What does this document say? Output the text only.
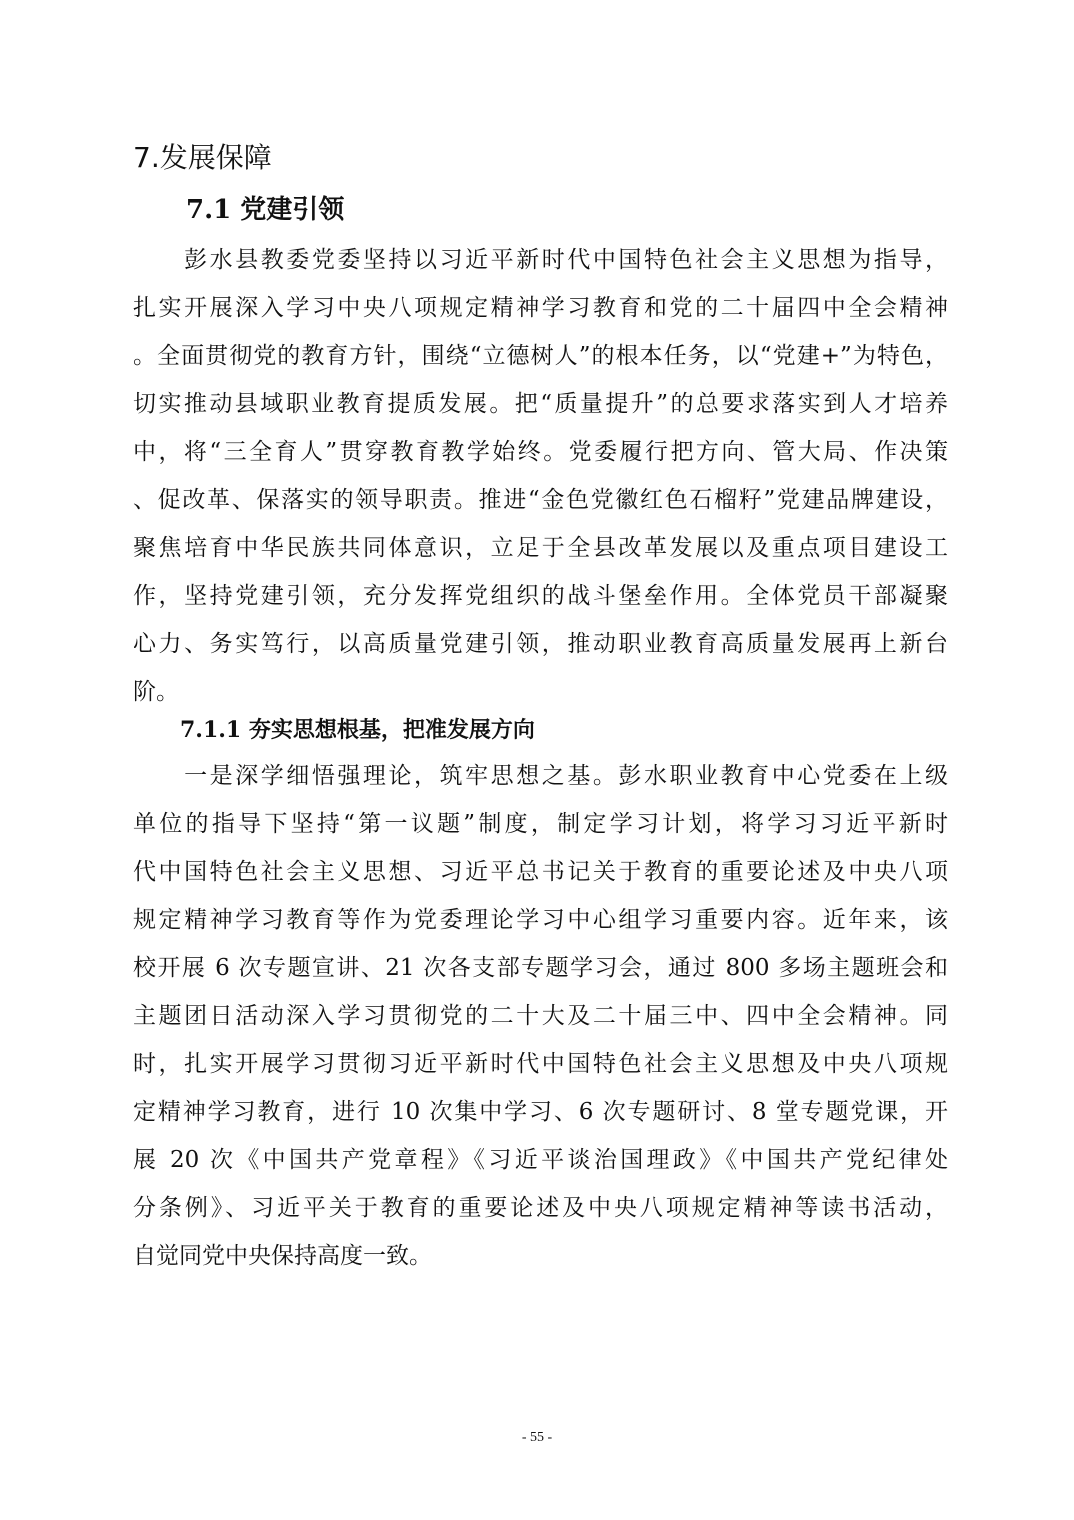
7.发展保障
7.1 党建引领
　　彭水县教委党委坚持以习近平新时代中国特色社会主义思想为指导，
扎实开展深入学习中央八项规定精神学习教育和党的二十届四中全会精神
。全面贯彻党的教育方针，围绕“立德树人”的根本任务，以“党建+”为特色，
切实推动县域职业教育提质发展。把“质量提升”的总要求落实到人才培养
中，将“三全育人”贯穿教育教学始终。党委履行把方向、管大局、作决策
、促改革、保落实的领导职责。推进“金色党徽红色石榴籽”党建品牌建设，
聚焦培育中华民族共同体意识，立足于全县改革发展以及重点项目建设工
作，坚持党建引领，充分发挥党组织的战斗堡垒作用。全体党员干部凝聚
心力、务实笃行，以高质量党建引领，推动职业教育高质量发展再上新台
阶。
7.1.1 夯实思想根基，把准发展方向
　　一是深学细悟强理论，筑牢思想之基。彭水职业教育中心党委在上级
单位的指导下坚持“第一议题”制度，制定学习计划，将学习习近平新时
代中国特色社会主义思想、习近平总书记关于教育的重要论述及中央八项
规定精神学习教育等作为党委理论学习中心组学习重要内容。近年来，该
校开展 6 次专题宣讲、21 次各支部专题学习会，通过 800 多场主题班会和
主题团日活动深入学习贯彻党的二十大及二十届三中、四中全会精神。同
时，扎实开展学习贯彻习近平新时代中国特色社会主义思想及中央八项规
定精神学习教育，进行 10 次集中学习、6 次专题研讨、8 堂专题党课，开
展 20 次《中国共产党章程》《习近平谈治国理政》《中国共产党纪律处
分条例》、习近平关于教育的重要论述及中央八项规定精神等读书活动，
自觉同党中央保持高度一致。
- 55 -
